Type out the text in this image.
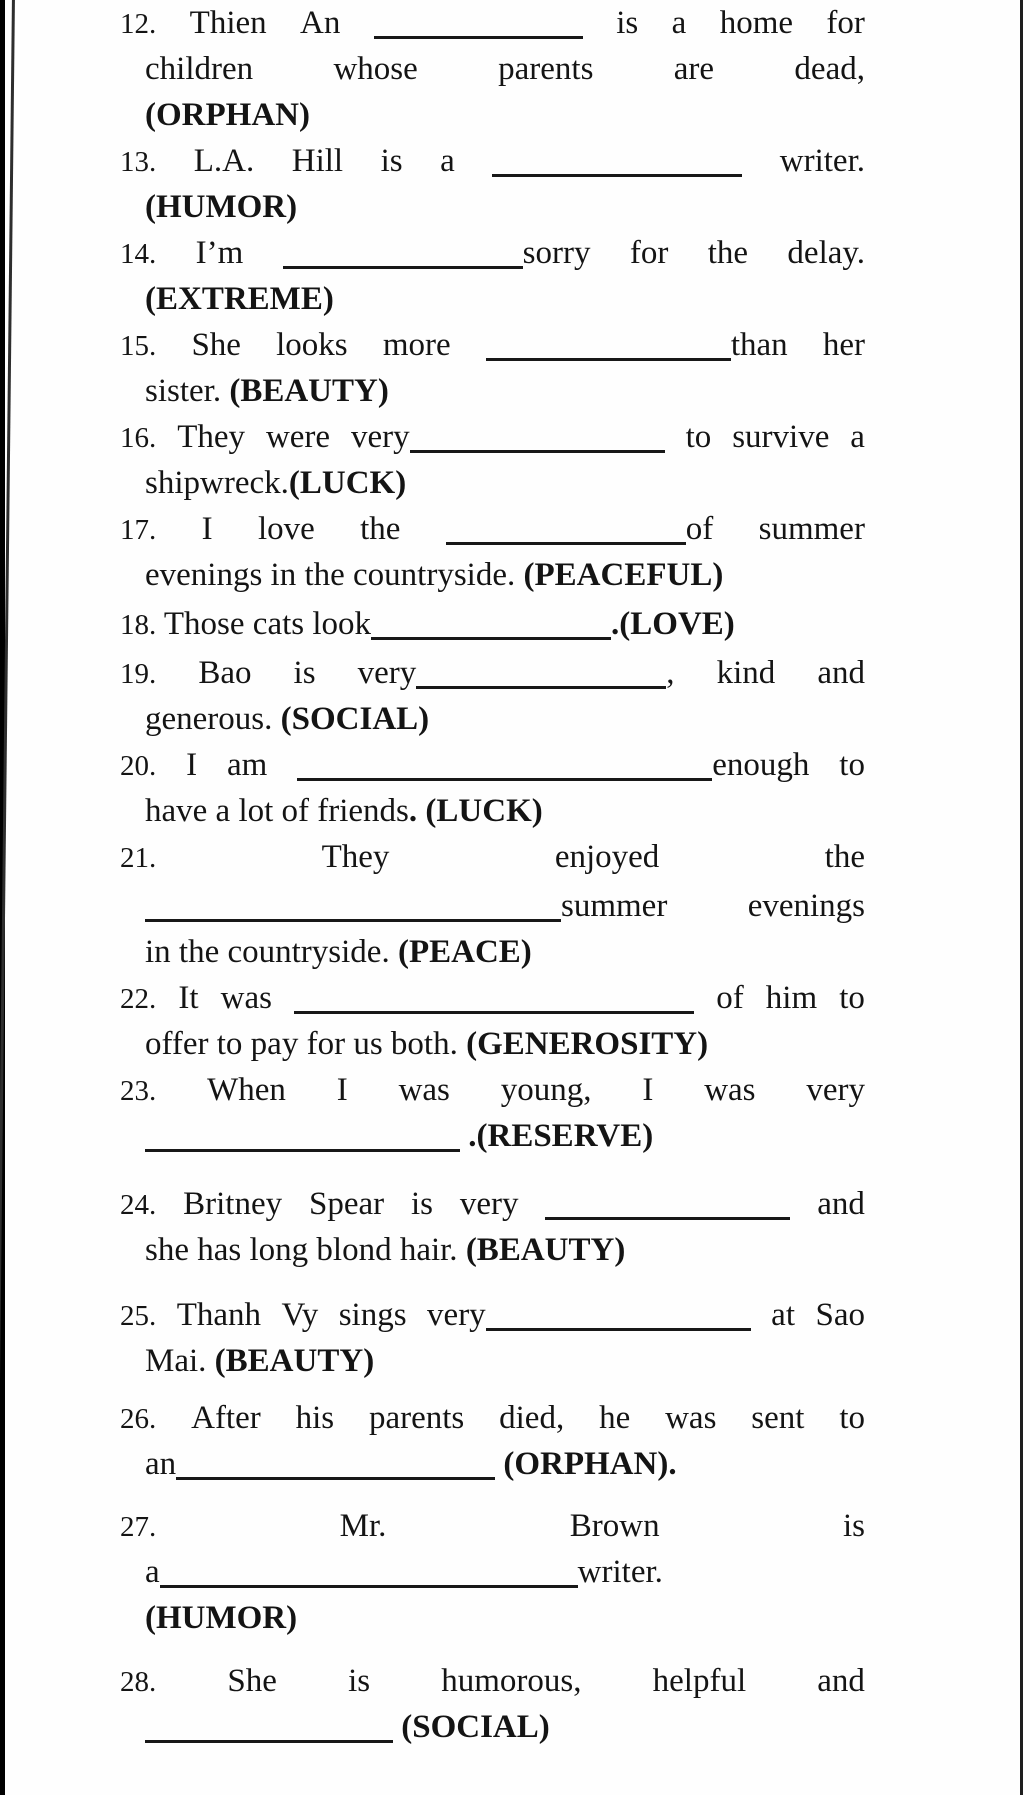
12. Thien An	is a home for
children whose parents are dead,
(ORPHAN)
13. L.A. Hill is a	writer.
(HUMOR)
14. I’m	sorry for the delay.
(EXTREME)
15. She looks more	than her
sister. (BEAUTY)
16. They were very	to survive a
shipwreck.(LUCK)
17. I love the	of summer
evenings in the countryside. (PEACEFUL)
18. Those cats look	.(LOVE)
19. Bao is very	, kind and
generous. (SOCIAL)
20. I am	enough to
have a lot of friends. (LUCK)
21.	They	enjoyed	the
summer evenings
in the countryside. (PEACE)
22. It was	of him to
offer to pay for us both. (GENEROSITY)
23. When I was young, I was very
.(RESERVE)
24. Britney Spear is very	and
she has long blond hair. (BEAUTY)
25. Thanh Vy sings very	at Sao
Mai. (BEAUTY)
26. After his parents died, he was sent to
an	(ORPHAN).
27.	Mr.	Brown	is
a	writer.
(HUMOR)
28. She is humorous, helpful and
(SOCIAL)
